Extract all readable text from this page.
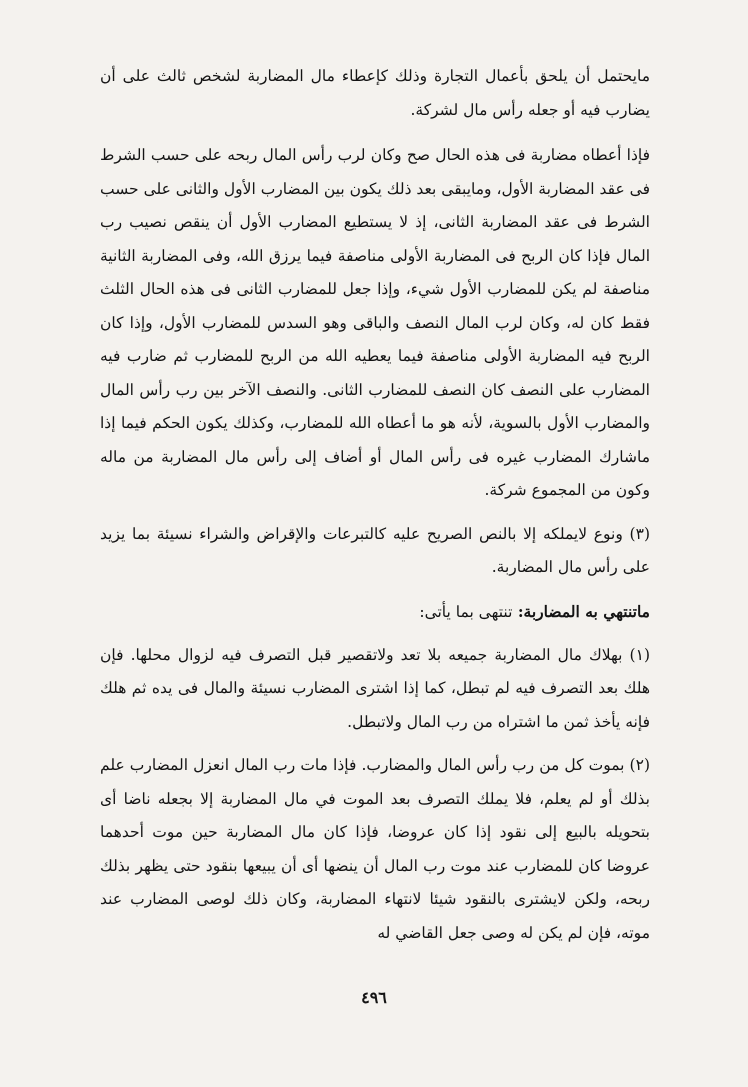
مايحتمل أن يلحق بأعمال التجارة وذلك كإعطاء مال المضاربة لشخص ثالث على أن يضارب فيه أو جعله رأس مال لشركة.

فإذا أعطاه مضاربة فى هذه الحال صح وكان لرب رأس المال ربحه على حسب الشرط فى عقد المضاربة الأول، ومايبقى بعد ذلك يكون بين المضارب الأول والثانى على حسب الشرط فى عقد المضاربة الثانى، إذ لا يستطيع المضارب الأول أن ينقص نصيب رب المال فإذا كان الربح فى المضاربة الأولى مناصفة فيما يرزق الله، وفى المضاربة الثانية مناصفة لم يكن للمضارب الأول شيء، وإذا جعل للمضارب الثانى فى هذه الحال الثلث فقط كان له، وكان لرب المال النصف والباقى وهو السدس للمضارب الأول، وإذا كان الربح فيه المضاربة الأولى مناصفة فيما يعطيه الله من الربح للمضارب ثم ضارب فيه المضارب على النصف كان النصف للمضارب الثانى. والنصف الآخر بين رب رأس المال والمضارب الأول بالسوية، لأنه هو ما أعطاه الله للمضارب، وكذلك يكون الحكم فيما إذا ماشارك المضارب غيره فى رأس المال أو أضاف إلى رأس مال المضاربة من ماله وكون من المجموع شركة.

(٣) ونوع لايملكه إلا بالنص الصريح عليه كالتبرعات والإقراض والشراء نسيئة بما يزيد على رأس مال المضاربة.

ماتنتهي به المضاربة: تنتهى بما يأتى:

(١) بهلاك مال المضاربة جميعه بلا تعد ولاتقصير قبل التصرف فيه لزوال محلها. فإن هلك بعد التصرف فيه لم تبطل، كما إذا اشترى المضارب نسيئة والمال فى يده ثم هلك فإنه يأخذ ثمن ما اشتراه من رب المال ولاتبطل.

(٢) بموت كل من رب رأس المال والمضارب. فإذا مات رب المال انعزل المضارب علم بذلك أو لم يعلم، فلا يملك التصرف بعد الموت في مال المضاربة إلا بجعله ناضا أى بتحويله بالبيع إلى نقود إذا كان عروضا، فإذا كان مال المضاربة حين موت أحدهما عروضا كان للمضارب عند موت رب المال أن ينضها أى أن يبيعها بنقود حتى يظهر بذلك ربحه، ولكن لايشترى بالنقود شيئا لانتهاء المضاربة، وكان ذلك لوصى المضارب عند موته، فإن لم يكن له وصى جعل القاضي له

٤٩٦
